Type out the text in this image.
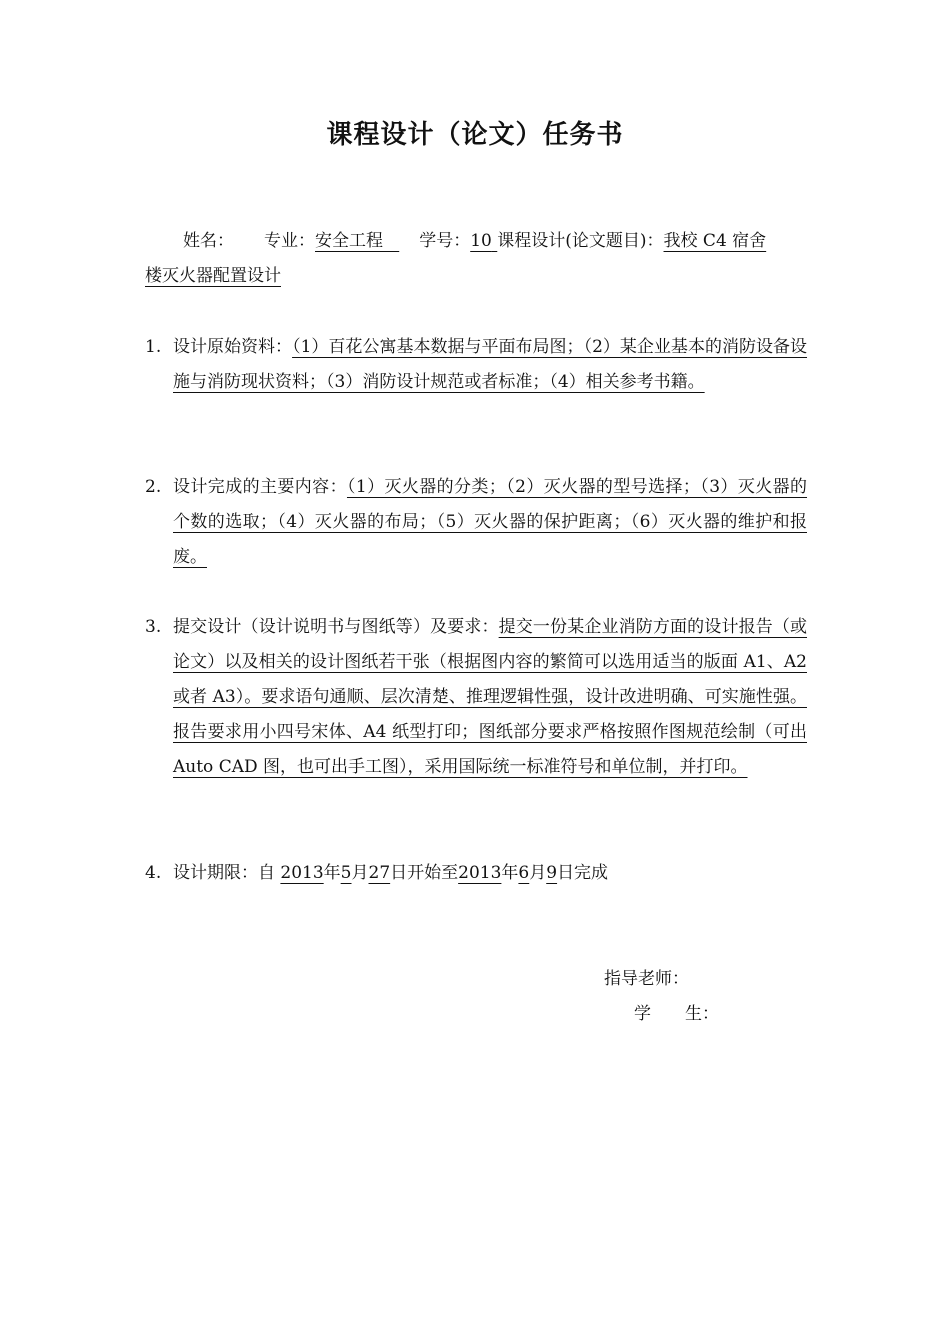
课程设计（论文）任务书
姓名： 专业：安全工程 学号：10 课程设计(论文题目)：我校 C4 宿舍
楼灭火器配置设计
1. 设计原始资料：（1）百花公寓基本数据与平面布局图；（2）某企业基本的消防设备设施与消防现状资料；（3）消防设计规范或者标准；（4）相关参考书籍。
2. 设计完成的主要内容：（1）灭火器的分类；（2）灭火器的型号选择；（3）灭火器的个数的选取；（4）灭火器的布局；（5）灭火器的保护距离；（6）灭火器的维护和报废。
3. 提交设计（设计说明书与图纸等）及要求：提交一份某企业消防方面的设计报告（或论文）以及相关的设计图纸若干张（根据图内容的繁简可以选用适当的版面 A1、A2 或者 A3）。要求语句通顺、层次清楚、推理逻辑性强，设计改进明确、可实施性强。报告要求用小四号宋体、A4 纸型打印；图纸部分要求严格按照作图规范绘制（可出 Auto CAD 图，也可出手工图），采用国际统一标准符号和单位制，并打印。
4. 设计期限：自 2013年5月27日开始至2013年6月9日完成
指导老师：
学　　生：
